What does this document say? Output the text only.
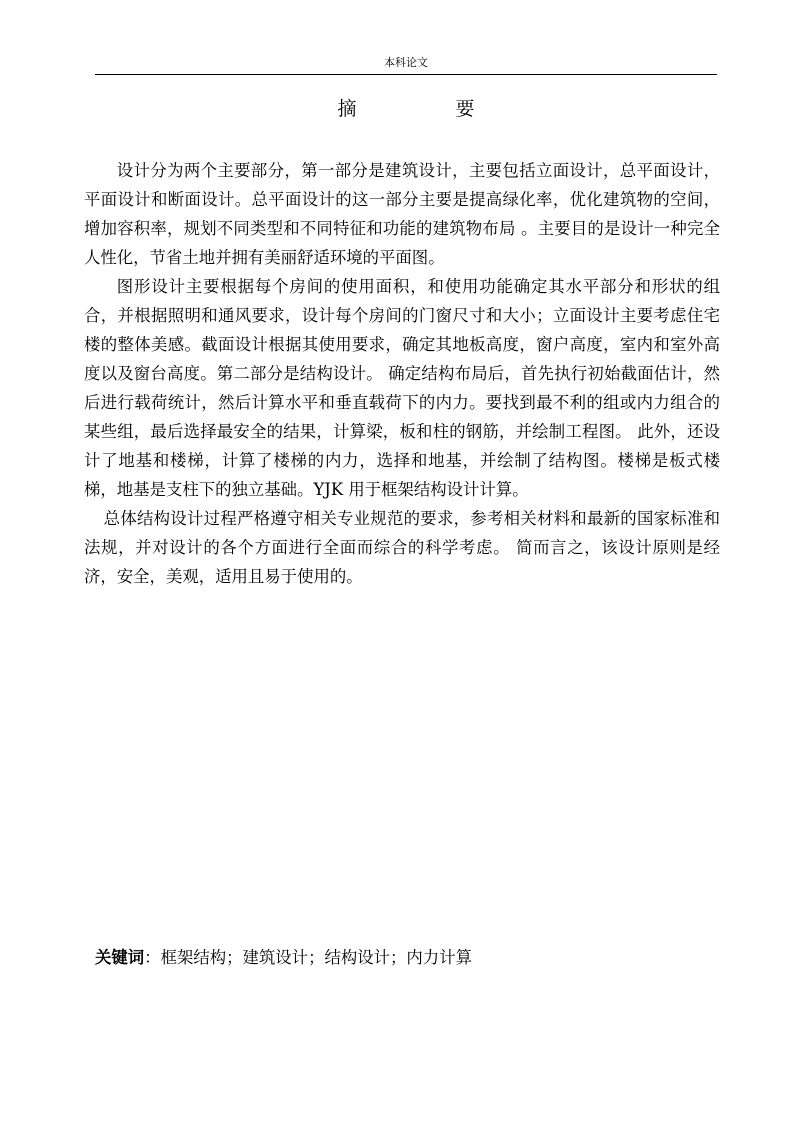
本科论文
摘　要

设计分为两个主要部分，第一部分是建筑设计，主要包括立面设计，总平面设计，平面设计和断面设计。总平面设计的这一部分主要是提高绿化率，优化建筑物的空间，增加容积率，规划不同类型和不同特征和功能的建筑物布局 。主要目的是设计一种完全人性化，节省土地并拥有美丽舒适环境的平面图。

图形设计主要根据每个房间的使用面积，和使用功能确定其水平部分和形状的组合，并根据照明和通风要求，设计每个房间的门窗尺寸和大小；立面设计主要考虑住宅楼的整体美感。截面设计根据其使用要求，确定其地板高度，窗户高度，室内和室外高度以及窗台高度。第二部分是结构设计。 确定结构布局后，首先执行初始截面估计，然后进行载荷统计，然后计算水平和垂直载荷下的内力。要找到最不利的组或内力组合的某些组，最后选择最安全的结果，计算梁，板和柱的钢筋，并绘制工程图。 此外，还设计了地基和楼梯，计算了楼梯的内力，选择和地基，并绘制了结构图。楼梯是板式楼梯，地基是支柱下的独立基础。YJK 用于框架结构设计计算。

总体结构设计过程严格遵守相关专业规范的要求，参考相关材料和最新的国家标准和法规，并对设计的各个方面进行全面而综合的科学考虑。 简而言之，该设计原则是经济，安全，美观，适用且易于使用的。

关键词：框架结构；建筑设计；结构设计；内力计算
